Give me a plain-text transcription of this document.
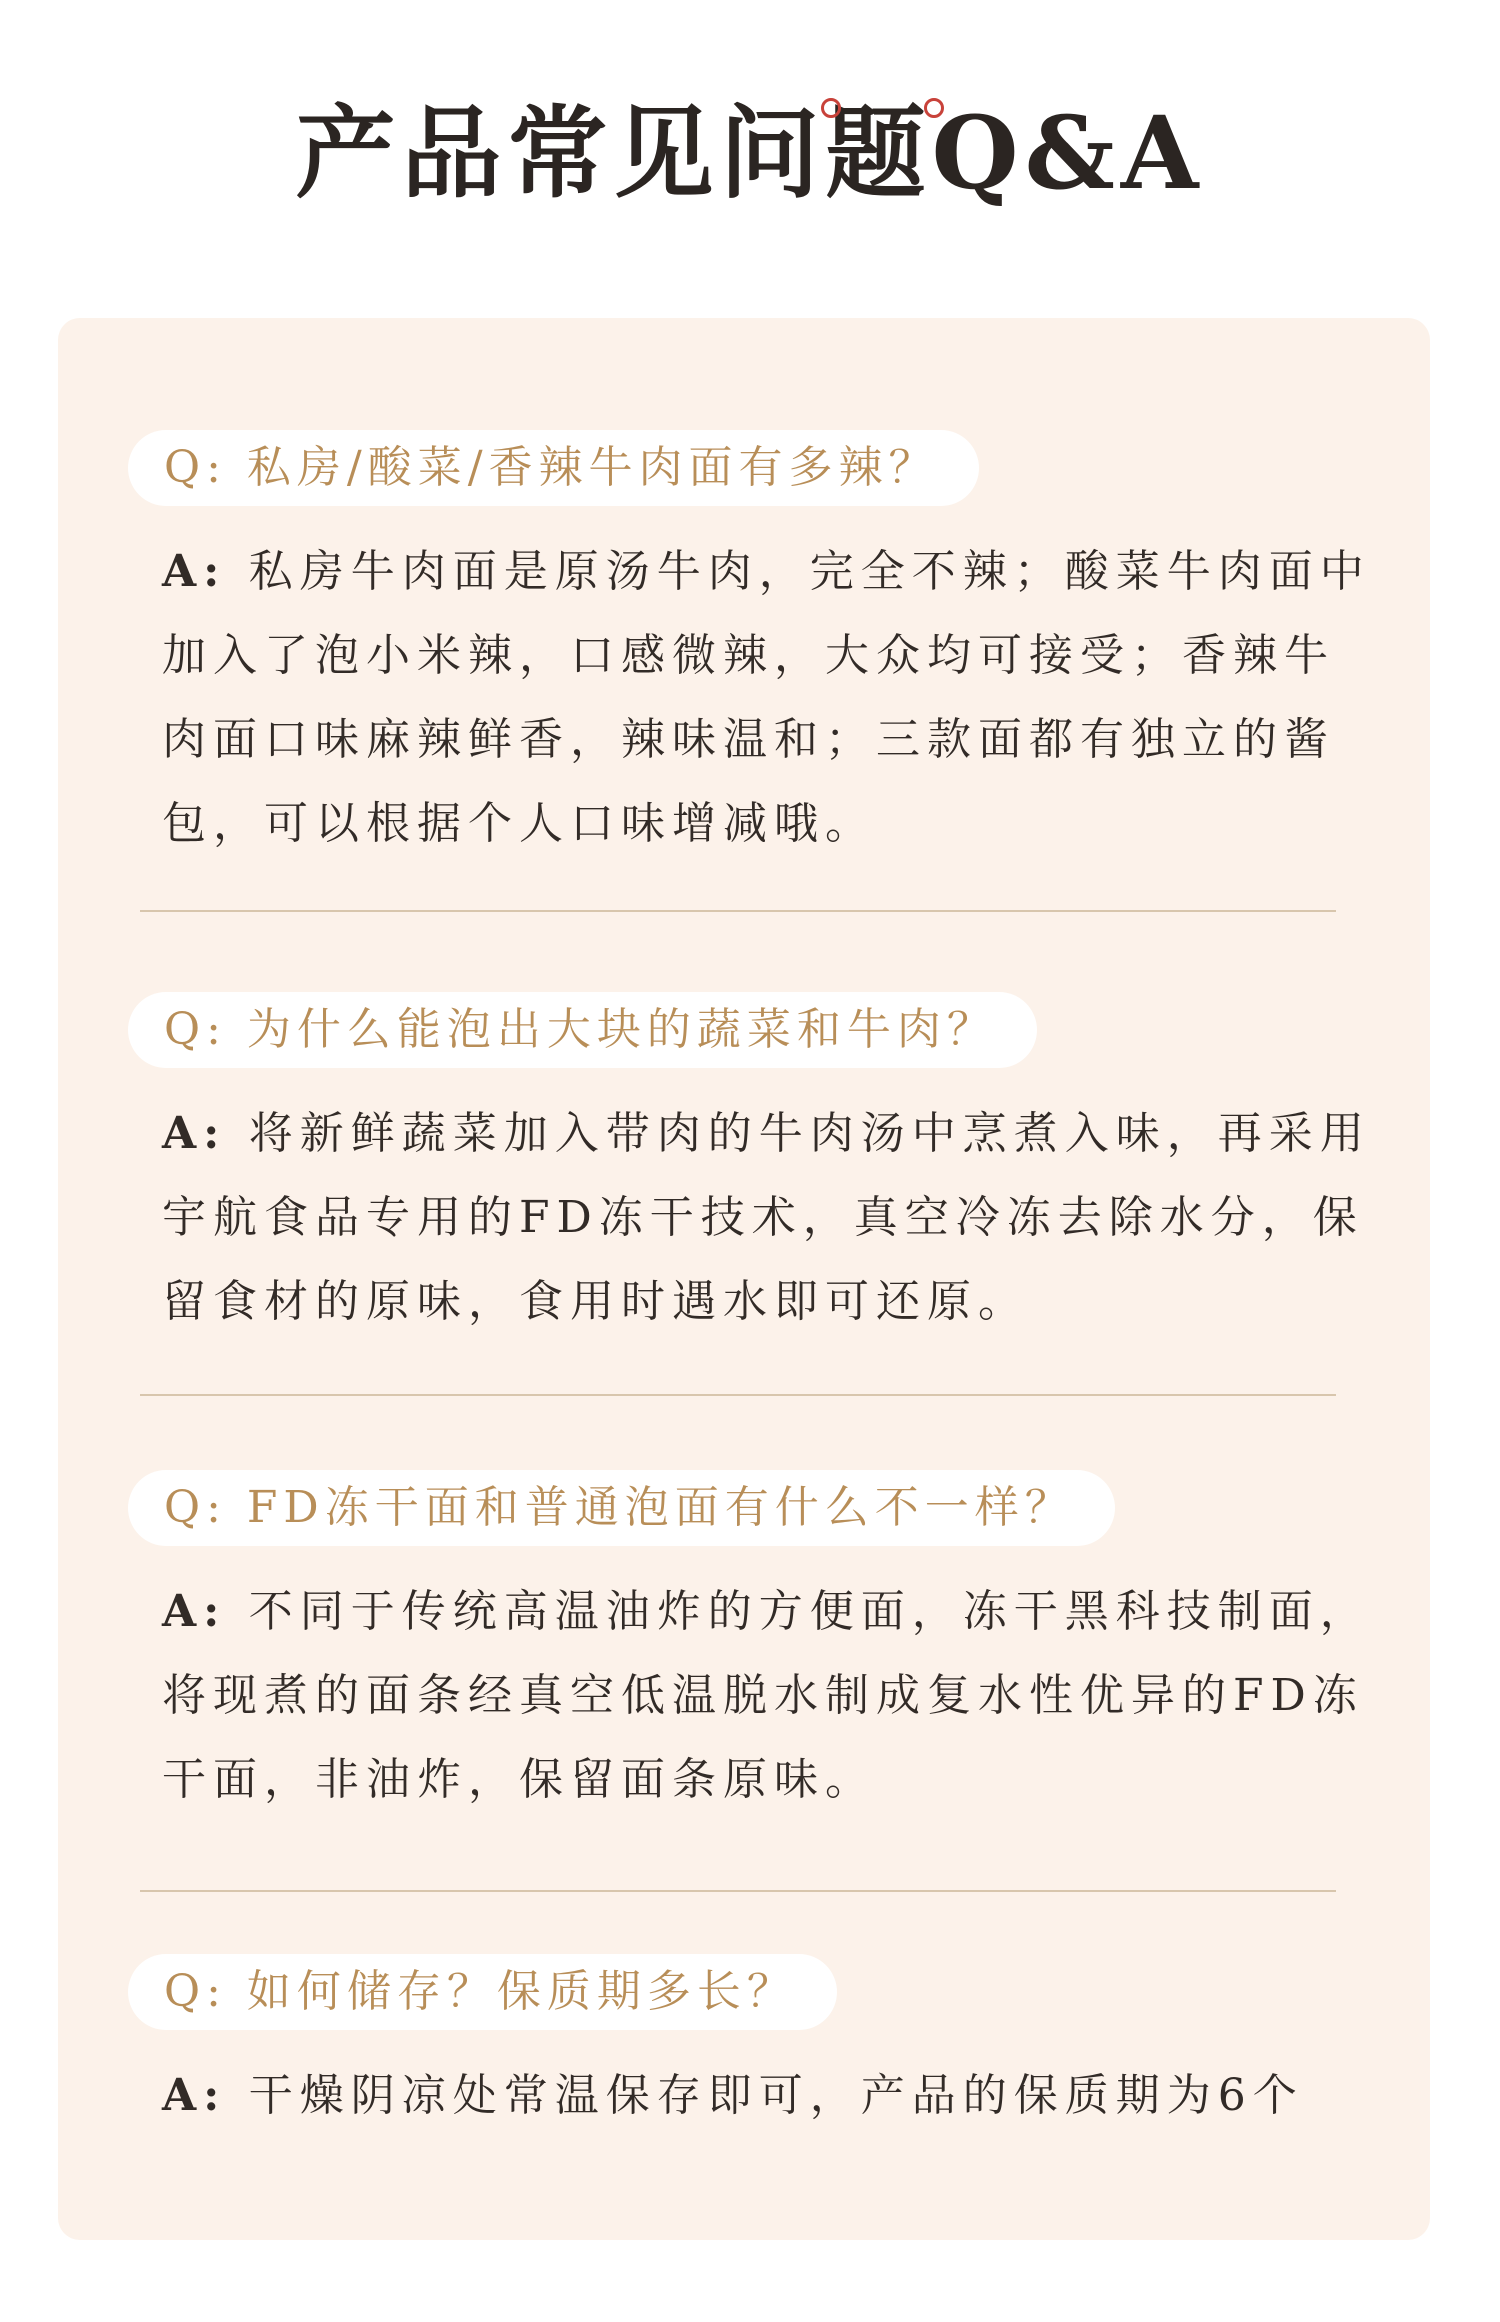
产品常见问题Q&A
Q: 私房/酸菜/香辣牛肉面有多辣？
A: 私房牛肉面是原汤牛肉，完全不辣；酸菜牛肉面中加入了泡小米辣，口感微辣，大众均可接受；香辣牛肉面口味麻辣鲜香，辣味温和；三款面都有独立的酱包，可以根据个人口味增减哦。
Q: 为什么能泡出大块的蔬菜和牛肉？
A: 将新鲜蔬菜加入带肉的牛肉汤中烹煮入味，再采用宇航食品专用的FD冻干技术，真空冷冻去除水分，保留食材的原味，食用时遇水即可还原。
Q: FD冻干面和普通泡面有什么不一样？
A: 不同于传统高温油炸的方便面，冻干黑科技制面，将现煮的面条经真空低温脱水制成复水性优异的FD冻干面，非油炸，保留面条原味。
Q: 如何储存？保质期多长？
A: 干燥阴凉处常温保存即可，产品的保质期为6个
